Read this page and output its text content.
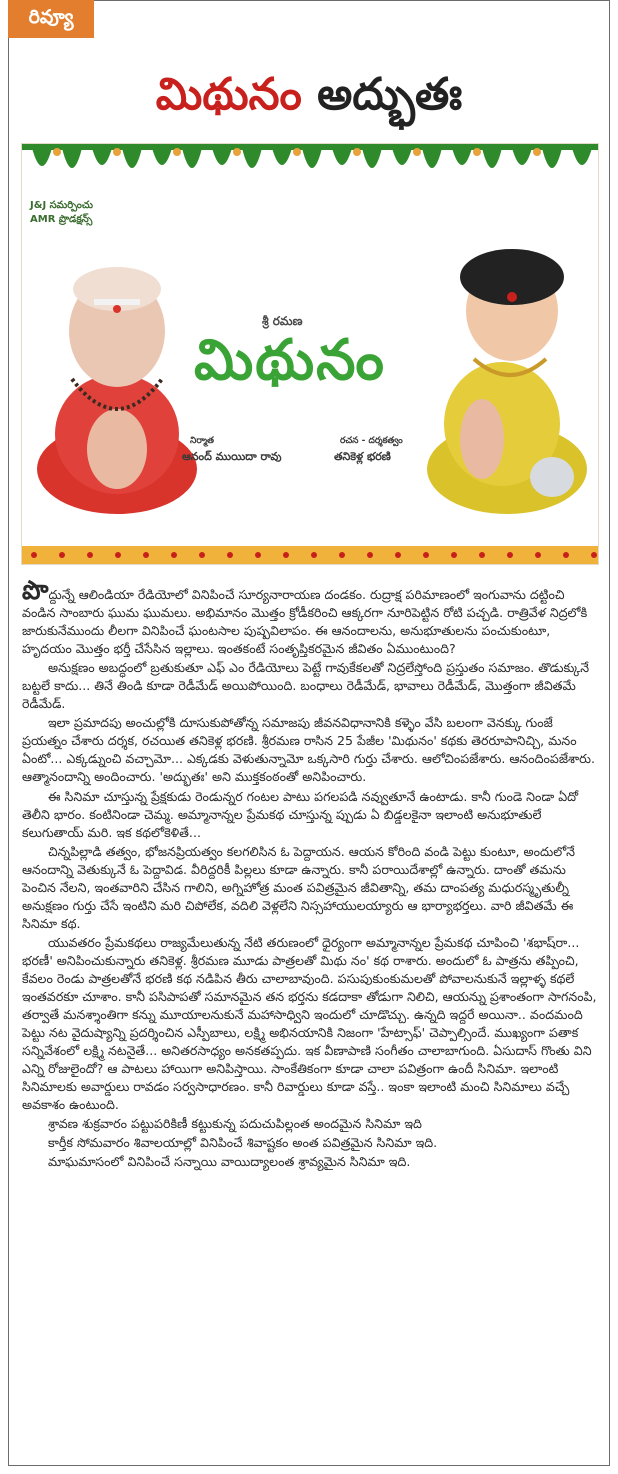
రివ్యూ
మిథునం అద్భుతః
J&J సమర్పించు
AMR ప్రొడక్షన్స్
శ్రీ రమణ
మిథునం
నిర్మాత
ఆనంద్ ముయిదా రావు
రచన - దర్శకత్వం
తనికెళ్ల భరణి

పొద్దున్నే ఆలిండియా రేడియోలో వినిపించే సూర్యనారాయణ దండకం. రుద్రాక్ష పరిమాణంలో ఇంగువాను దట్టించి వండిన సాంబారు ఘుమ ఘుమలు. అభిమానం మొత్తం క్రోడీకరించి ఆక్కరగా నూరిపెట్టిన రోటి పచ్చడి. రాత్రివేళ నిద్రలోకి జారుకునేముందు లీలగా వినిపించే ఘంటసాల పుష్పవిలాపం. ఈ ఆనందాలను, అనుభూతులను పంచుకుంటూ, హృదయం మొత్తం భర్తీ చేసేసిన ఇల్లాలు. ఇంతకంటే సంతృప్తికరమైన జీవితం ఏముంటుంది?

అనుక్షణం అబద్ధంలో బ్రతుకుతూ ఎఫ్ ఎం రేడియోలు పెట్టే గావుకేకలతో నిద్రలేస్తోంది ప్రస్తుతం సమాజం. తొడుక్కునే బట్టలే కాదు... తినే తిండి కూడా రెడీమేడ్ అయిపోయింది. బంధాలు రెడీమేడ్, భావాలు రెడీమేడ్, మొత్తంగా జీవితమే రెడీమేడ్.

ఇలా ప్రమాదపు అంచుల్లోకి దూసుకుపోతోన్న సమాజపు జీవనవిధానానికి కళ్ళెం వేసి బలంగా వెనక్కు గుంజే ప్రయత్నం చేశారు దర్శక, రచయిత తనికెళ్ల భరణి. శ్రీరమణ రాసిన 25 పేజీల 'మిథునం' కథకు తెరరూపానిచ్చి, మనం ఏంటో... ఎక్కడ్నుంచి వచ్చామో... ఎక్కడకు వెళుతున్నామో ఒక్కసారి గుర్తు చేశారు. ఆలోచింపజేశారు. ఆనందింపజేశారు. ఆత్మానందాన్ని అందించారు. 'అద్భుతః' అని ముక్తకంఠంతో అనిపించారు.

ఈ సినిమా చూస్తున్న ప్రేక్షకుడు రెండున్నర గంటల పాటు పగలపడి నవ్వుతూనే ఉంటాడు. కానీ గుండె నిండా ఏదో తెలీని భారం. కంటినిండా చెమ్మ. అమ్మానాన్నల ప్రేమకథ చూస్తున్న ప్పుడు ఏ బిడ్డలకైనా ఇలాంటి అనుభూతులే కలుగుతాయ్ మరి. ఇక కథలోకెళితే...

చిన్నపిల్లాడి తత్వం, భోజనప్రియత్వం కలగలిసిన ఓ పెద్దాయన. ఆయన కోరింది వండి పెట్టు కుంటూ, అందులోనే ఆనందాన్ని వెతుక్కునే ఓ పెద్దావిడ. వీరిద్దరికీ పిల్లలు కూడా ఉన్నారు. కానీ పరాయిదేశాల్లో ఉన్నారు. దాంతో తమను పెంచిన నేలని, ఇంతవారిని చేసిన గాలిని, అగ్నిహోత్ర మంత పవిత్రమైన జీవితాన్ని, తమ దాంపత్య మధురస్మృతుల్నీ అనుక్షణం గుర్తు చేసే ఇంటిని మరి చిపోలేక, వదిలి వెళ్లలేని నిస్సహాయులయ్యారు ఆ భార్యాభర్తలు. వారి జీవితమే ఈ సినిమా కథ.

యువతరం ప్రేమకథలు రాజ్యమేలుతున్న నేటి తరుణంలో ధైర్యంగా అమ్మానాన్నల ప్రేమకథ చూపించి 'శభాష్‌రా... భరణీ' అనిపించుకున్నారు తనికెళ్ల. శ్రీరమణ మూడు పాత్రలతో మిథు నం' కథ రాశారు. అందులో ఓ పాత్రను తప్పించి, కేవలం రెండు పాత్రలతోనే భరణి కథ నడిపిన తీరు చాలాబావుంది. పసుపుకుంకుమలతో పోవాలనుకునే ఇల్లాళ్ళ కథలే ఇంతవరకూ చూశాం. కానీ పసిపాపతో సమానమైన తన భర్తను కడదాకా తోడుగా నిలిచి, ఆయన్ను ప్రశాంతంగా సాగనంపి, తర్వాతే మనశ్శాంతిగా కన్ను మూయాలనుకునే మహాసాధ్విని ఇందులో చూడొచ్చు. ఉన్నది ఇద్దరే అయినా.. వందమంది పెట్టు నట వైదుష్యాన్ని ప్రదర్శించిన ఎస్పీబాలు, లక్ష్మి అభినయానికి నిజంగా 'హేట్సాఫ్' చెప్పాల్సిందే. ముఖ్యంగా పతాక సన్నివేశంలో లక్ష్మి నటనైతే... అనితరసాధ్యం అనకతప్పదు. ఇక వీణాపాణి సంగీతం చాలాబాగుంది. ఏసుదాస్ గొంతు విని ఎన్ని రోజులైందో? ఆ పాటలు హాయిగా అనిపిస్తాయి. సాంకేతికంగా కూడా చాలా పవిత్రంగా ఉందీ సినిమా. ఇలాంటి సినిమాలకు అవార్డులు రావడం సర్వసాధారణం. కానీ రివార్డులు కూడా వస్తే.. ఇంకా ఇలాంటి మంచి సినిమాలు వచ్చే అవకాశం ఉంటుంది.

శ్రావణ శుక్రవారం పట్టుపరికిణీ కట్టుకున్న పదుచుపిల్లంత అందమైన సినిమా ఇది

కార్తీక సోమవారం శివాలయాల్లో వినిపించే శివాష్టకం అంత పవిత్రమైన సినిమా ఇది.

మాఘమాసంలో వినిపించే సన్నాయి వాయిద్యాలంత శ్రావ్యమైన సినిమా ఇది.
